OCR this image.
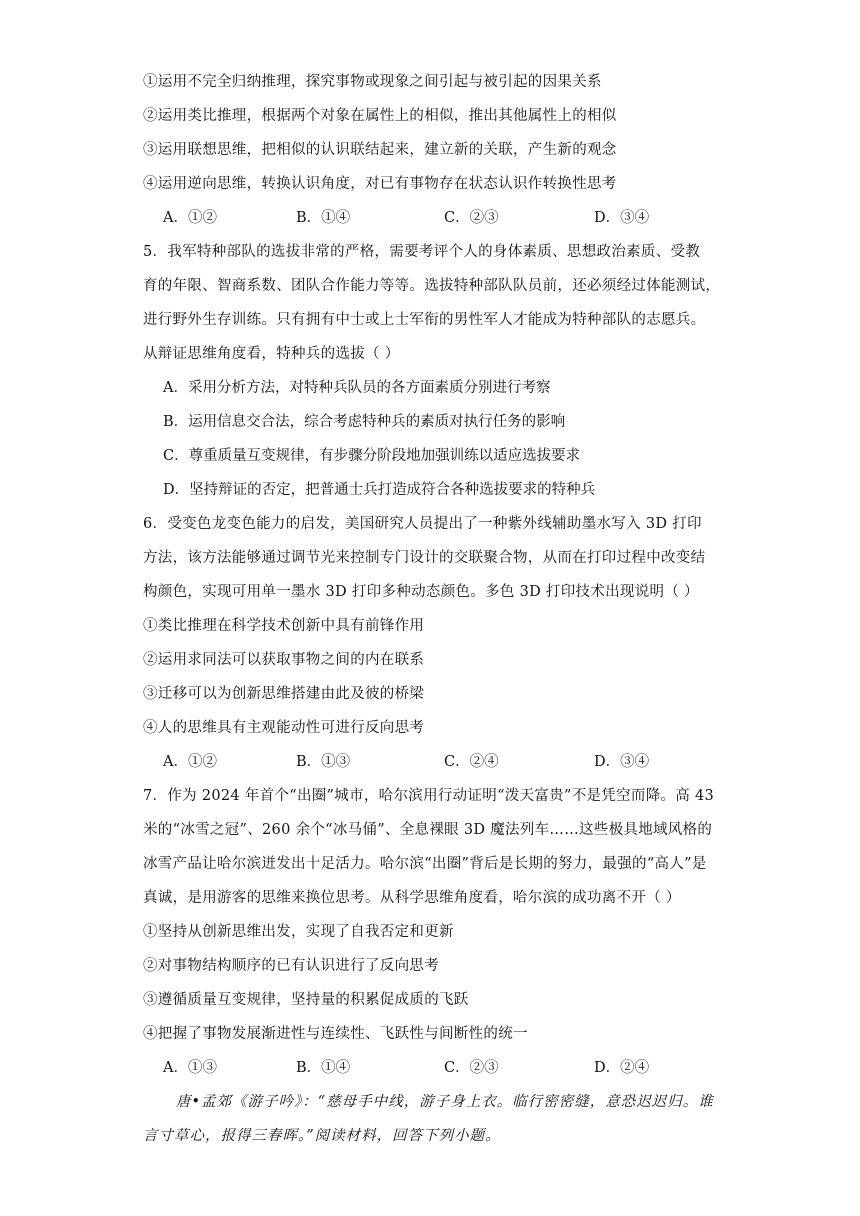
①运用不完全归纳推理，探究事物或现象之间引起与被引起的因果关系
②运用类比推理，根据两个对象在属性上的相似，推出其他属性上的相似
③运用联想思维，把相似的认识联结起来，建立新的关联，产生新的观念
④运用逆向思维，转换认识角度，对已有事物存在状态认识作转换性思考
A．①②	B．①④	C．②③	D．③④
5．我军特种部队的选拔非常的严格，需要考评个人的身体素质、思想政治素质、受教
育的年限、智商系数、团队合作能力等等。选拔特种部队队员前，还必须经过体能测试，
进行野外生存训练。只有拥有中士或上士军衔的男性军人才能成为特种部队的志愿兵。
从辩证思维角度看，特种兵的选拔（ ）
A．采用分析方法，对特种兵队员的各方面素质分别进行考察
B．运用信息交合法，综合考虑特种兵的素质对执行任务的影响
C．尊重质量互变规律，有步骤分阶段地加强训练以适应选拔要求
D．坚持辩证的否定，把普通士兵打造成符合各种选拔要求的特种兵
6．受变色龙变色能力的启发，美国研究人员提出了一种紫外线辅助墨水写入 3D 打印
方法，该方法能够通过调节光来控制专门设计的交联聚合物，从而在打印过程中改变结
构颜色，实现可用单一墨水 3D 打印多种动态颜色。多色 3D 打印技术出现说明（ ）
①类比推理在科学技术创新中具有前锋作用
②运用求同法可以获取事物之间的内在联系
③迁移可以为创新思维搭建由此及彼的桥梁
④人的思维具有主观能动性可进行反向思考
A．①②	B．①③	C．②④	D．③④
7．作为 2024 年首个“出圈”城市，哈尔滨用行动证明“泼天富贵”不是凭空而降。高 43
米的“冰雪之冠”、260 余个“冰马俑”、全息裸眼 3D 魔法列车……这些极具地域风格的
冰雪产品让哈尔滨迸发出十足活力。哈尔滨“出圈”背后是长期的努力，最强的“高人”是
真诚，是用游客的思维来换位思考。从科学思维角度看，哈尔滨的成功离不开（ ）
①坚持从创新思维出发，实现了自我否定和更新
②对事物结构顺序的已有认识进行了反向思考
③遵循质量互变规律，坚持量的积累促成质的飞跃
④把握了事物发展渐进性与连续性、飞跃性与间断性的统一
A．①③	B．①④	C．②③	D．②④
唐•孟郊《游子吟》：“慈母手中线，游子身上衣。临行密密缝，意恐迟迟归。谁
言寸草心，报得三春晖。”阅读材料，回答下列小题。
